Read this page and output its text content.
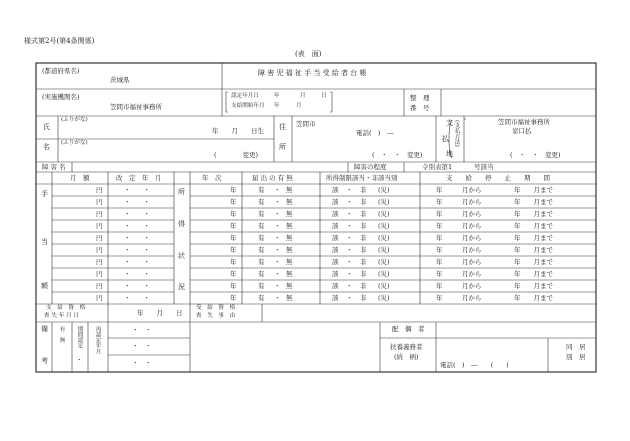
様式第2号(第4条関係)
(表　面)
(都道府県名)
茨城県
障 害 児 福 祉 手 当 受 給 者 台 帳
(実施機関名)
笠間市福祉事務所
認定年月日
支給開始年月
年	月	日
年	月
整　理
番　号
氏
名
(ふりがな)
年　　月　　日生
(ふりがな)
(　　　　変更)
住
所
笠間市
電話(　)　―
(　・　・　変更)
支
払
地
(支払方法)	笠間市福祉事務所
窓口払
(　・　・　変更)
障 害 名	障害の程度	令別表第1	号該当
月　額	改　定　年　月	年　次	届 出 の 有 無	所得制限該当・非該当別	支　　給　　停　　止　　期　　間
手
当
額
所
得
状
況
円	・　　・	年	有 ・ 無	該 ・ 非 (災)	年	月から	年　　月まで
円	・　　・	年	有 ・ 無	該 ・ 非 (災)	年	月から	年　　月まで
円	・　　・	年	有 ・ 無	該 ・ 非 (災)	年	月から	年　　月まで
円	・　　・	年	有 ・ 無	該 ・ 非 (災)	年	月から	年　　月まで
円	・　　・	年	有 ・ 無	該 ・ 非 (災)	年	月から	年　　月まで
円	・　　・	年	有 ・ 無	該 ・ 非 (災)	年	月から	年　　月まで
円	・　　・	年	有 ・ 無	該 ・ 非 (災)	年	月から	年　　月まで
円	・　　・	年	有 ・ 無	該 ・ 非 (災)	年	月から	年　　月まで
円	・　　・	年	有 ・ 無	該 ・ 非 (災)	年	月から	年　　月まで
円	・　　・	年	有 ・ 無	該 ・ 非 (災)	年	月から	年　　月まで
支　給　資　格
喪 失 年 月 日	年　　月　　日
受　給　資　格
喪　失　事　由
備
考
有　無 期間認定 再認定年月	・　・
・　・
・　・
・
配　偶　者
扶養義務者
(続　柄)
電話(　)　―　　(　　)
同　居
別　居
